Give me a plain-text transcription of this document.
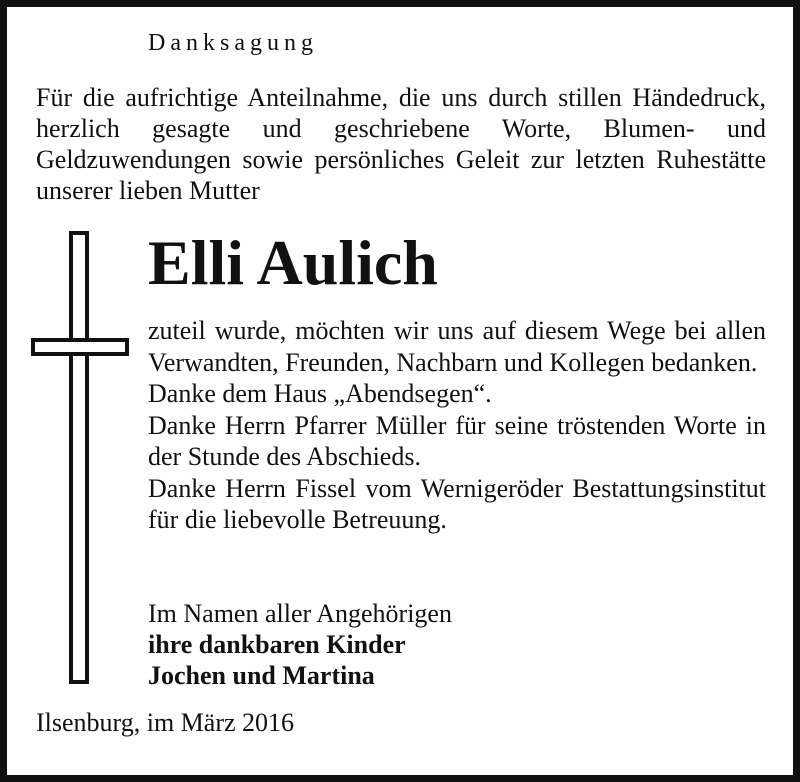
Danksagung
Für die aufrichtige Anteilnahme, die uns durch stillen Händedruck, herzlich gesagte und geschriebene Worte, Blumen- und Geldzuwendungen sowie persönliches Geleit zur letzten Ruhestätte unserer lieben Mutter
Elli Aulich

zuteil wurde, möchten wir uns auf diesem Wege bei allen Verwandten, Freunden, Nachbarn und Kollegen bedanken.

Danke dem Haus „Abendsegen“.

Danke Herrn Pfarrer Müller für seine tröstenden Worte in der Stunde des Abschieds.

Danke Herrn Fissel vom Wernigeröder Bestattungsinstitut für die liebevolle Betreuung.

Im Namen aller Angehörigen
ihre dankbaren Kinder
Jochen und Martina
Ilsenburg, im März 2016
